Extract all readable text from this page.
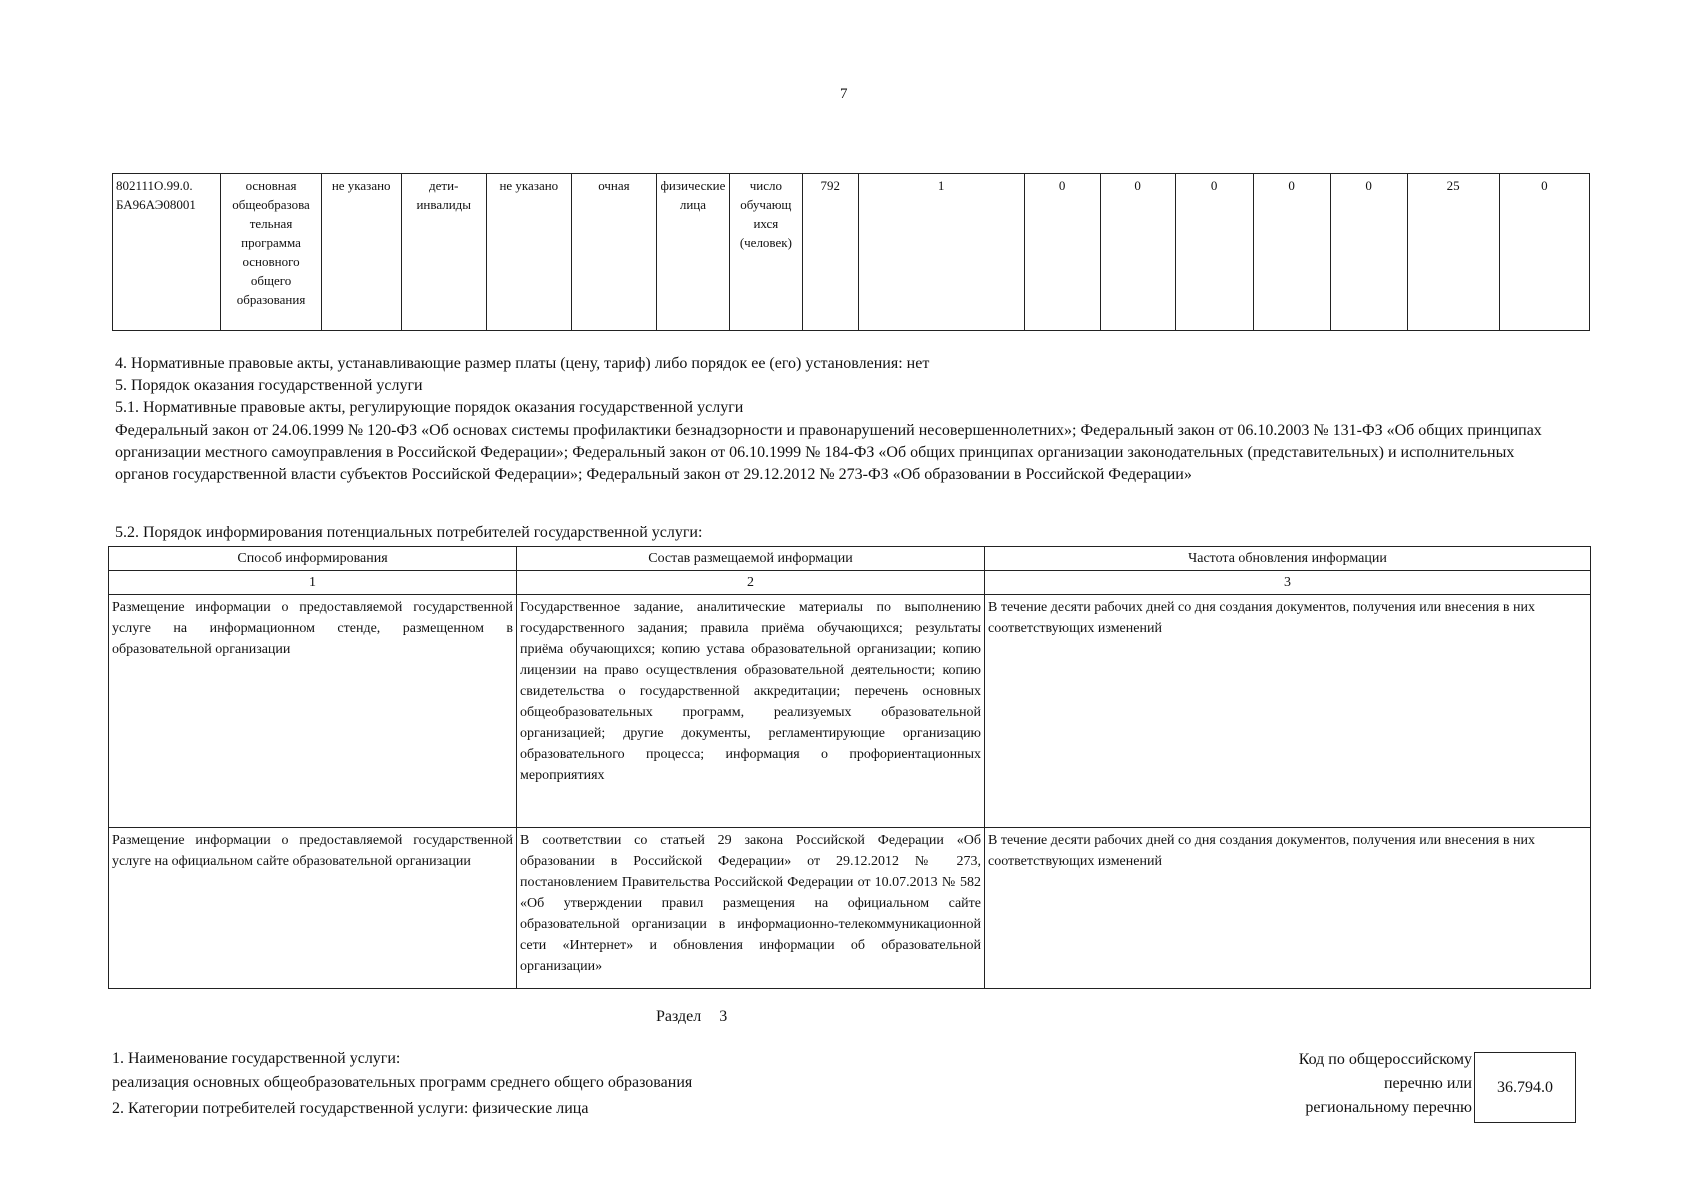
7
802111О.99.0.
БА96АЭ08001	основная
общеобразова
тельная
программа
основного
общего
образования	не указано	дети-
инвалиды	не указано	очная	физические
лица	число
обучающ
ихся
(человек)	792	1	0	0	0	0	0	25	0
4. Нормативные правовые акты, устанавливающие размер платы (цену, тариф) либо порядок ее (его) установления: нет
5. Порядок оказания государственной услуги
5.1. Нормативные правовые акты, регулирующие порядок оказания государственной услуги
Федеральный закон от 24.06.1999 № 120-ФЗ «Об основах системы профилактики безнадзорности и правонарушений несовершеннолетних»; Федеральный закон от 06.10.2003 № 131-ФЗ «Об общих принципах организации местного самоуправления в Российской Федерации»; Федеральный закон от 06.10.1999 № 184-ФЗ «Об общих принципах организации законодательных (представительных) и исполнительных органов государственной власти субъектов Российской Федерации»; Федеральный закон от 29.12.2012 № 273-ФЗ «Об образовании в Российской Федерации»
5.2. Порядок информирования потенциальных потребителей государственной услуги:
Способ информирования	Состав размещаемой информации	Частота обновления информации
1	2	3
Размещение информации о предоставляемой государственной услуге на информационном стенде, размещенном в образовательной организации	Государственное задание, аналитические материалы по выполнению государственного задания; правила приёма обучающихся; результаты приёма обучающихся; копию устава образовательной организации; копию лицензии на право осуществления образовательной деятельности; копию свидетельства о государственной аккредитации; перечень основных общеобразовательных программ, реализуемых образовательной организацией; другие документы, регламентирующие организацию образовательного процесса; информация о профориентационных мероприятиях	В течение десяти рабочих дней со дня создания документов, получения или внесения в них соответствующих изменений
Размещение информации о предоставляемой государственной услуге на официальном сайте образовательной организации	В соответствии со статьей 29 закона Российской Федерации «Об образовании в Российской Федерации» от 29.12.2012 № 273, постановлением Правительства Российской Федерации от 10.07.2013 № 582 «Об утверждении правил размещения на официальном сайте образовательной организации в информационно-телекоммуникационной сети «Интернет» и обновления информации об образовательной организации»	В течение десяти рабочих дней со дня создания документов, получения или внесения в них соответствующих изменений
Раздел 3
1. Наименование государственной услуги:
реализация основных общеобразовательных программ среднего общего образования
2. Категории потребителей государственной услуги: физические лица
Код по общероссийскому
перечню или
региональному перечню
36.794.0
